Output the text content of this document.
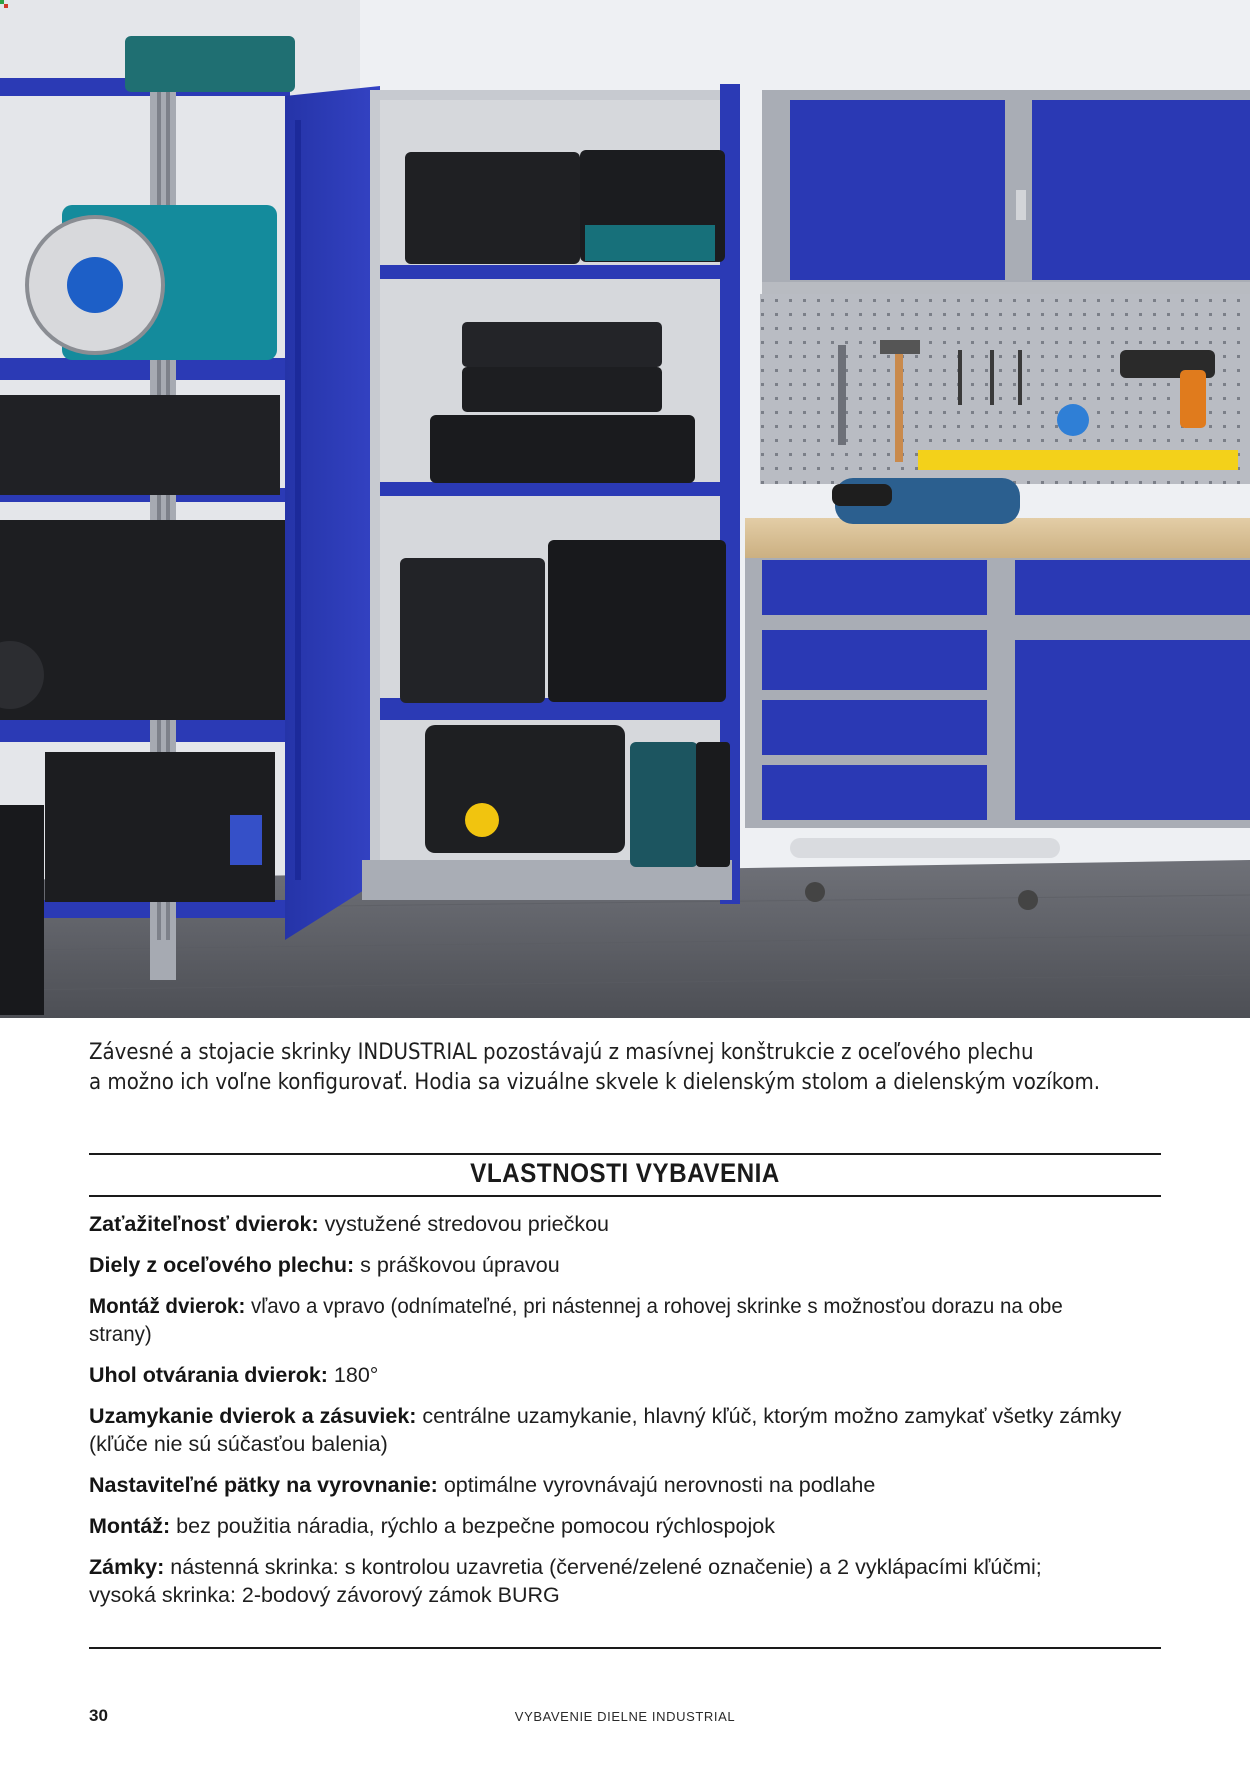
Závesné a stojacie skrinky INDUSTRIAL pozostávajú z masívnej konštrukcie z oceľového plechu

a možno ich voľne konfigurovať. Hodia sa vizuálne skvele k dielenským stolom a dielenským vozíkom.

VLASTNOSTI VYBAVENIA

Zaťažiteľnosť dvierok: vystužené stredovou priečkou

Diely z oceľového plechu: s práškovou úpravou

Montáž dvierok: vľavo a vpravo (odnímateľné, pri nástennej a rohovej skrinke s možnosťou dorazu na obe strany)

Uhol otvárania dvierok: 180°

Uzamykanie dvierok a zásuviek: centrálne uzamykanie, hlavný kľúč, ktorým možno zamykať všetky zámky
(kľúče nie sú súčasťou balenia)

Nastaviteľné pätky na vyrovnanie: optimálne vyrovnávajú nerovnosti na podlahe

Montáž: bez použitia náradia, rýchlo a bezpečne pomocou rýchlospojok

Zámky: nástenná skrinka: s kontrolou uzavretia (červené/zelené označenie) a 2 vyklápacími kľúčmi;
vysoká skrinka: 2-bodový závorový zámok BURG

30	VYBAVENIE DIELNE INDUSTRIAL
